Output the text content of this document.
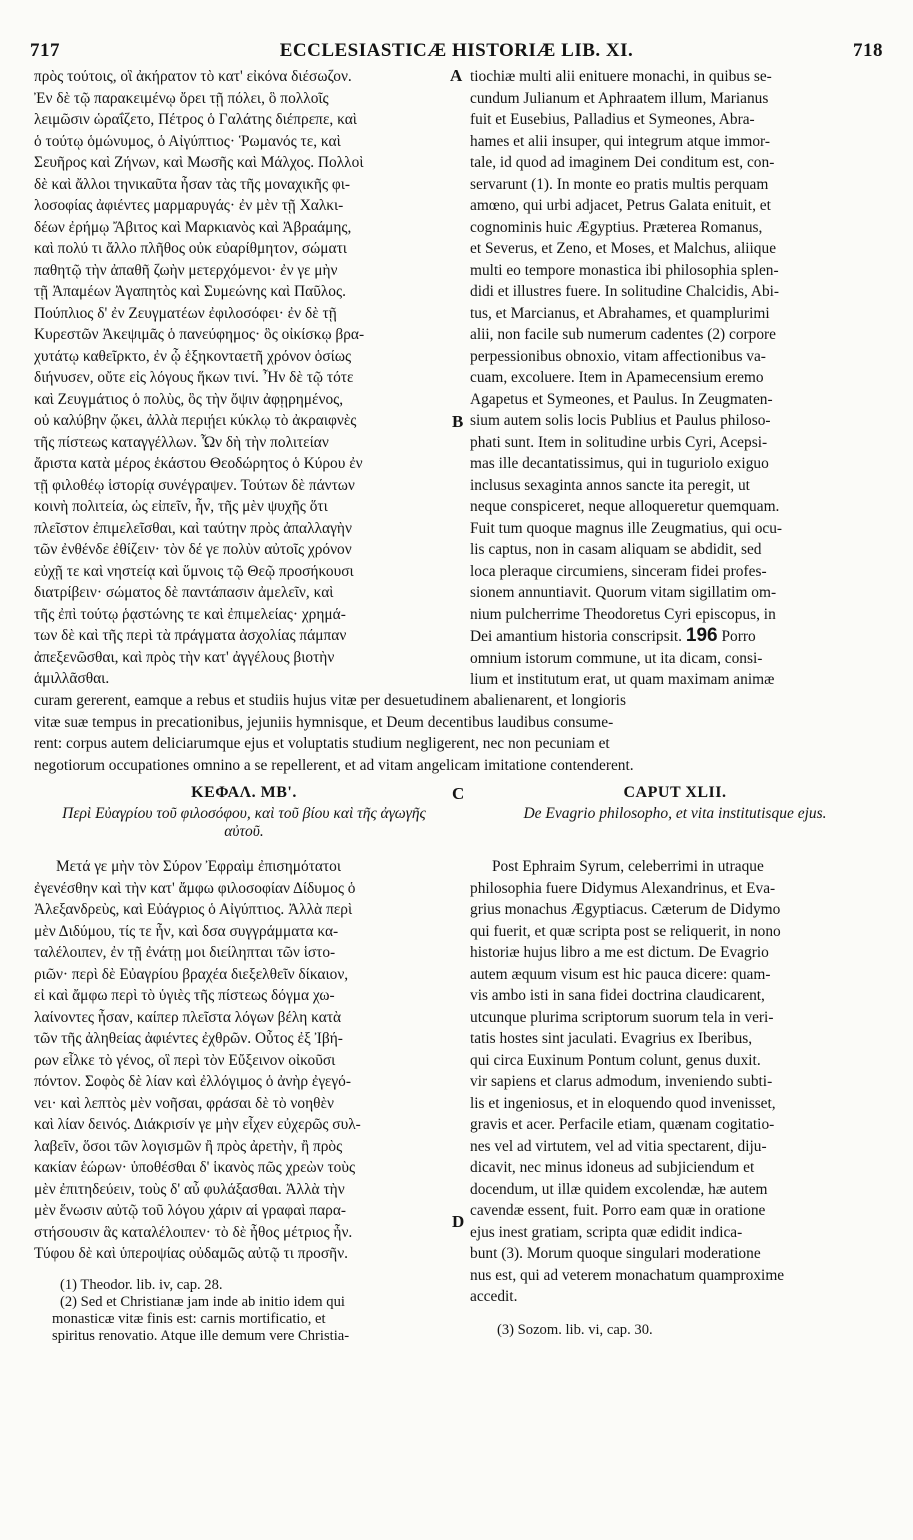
717	ECCLESIASTICÆ HISTORIÆ LIB. XI.	718

πρὸς τούτοις, οἳ ἀκήρατον τὸ κατ' εἰκόνα διέσωζον.

Ἐν δὲ τῷ παρακειμένῳ ὄρει τῇ πόλει, ὃ πολλοῖς

λειμῶσιν ὡραΐζετο, Πέτρος ὁ Γαλάτης διέπρεπε, καὶ

ὁ τούτῳ ὁμώνυμος, ὁ Αἰγύπτιος· Ῥωμανός τε, καὶ

Σευῆρος καὶ Ζήνων, καὶ Μωσῆς καὶ Μάλχος. Πολλοὶ

δὲ καὶ ἄλλοι τηνικαῦτα ἦσαν τὰς τῆς μοναχικῆς φι-

λοσοφίας ἀφιέντες μαρμαρυγάς· ἐν μὲν τῇ Χαλκι-

δέων ἐρήμῳ Ἄβιτος καὶ Μαρκιανὸς καὶ Ἀβραάμης,

καὶ πολύ τι ἄλλο πλῆθος οὐκ εὐαρίθμητον, σώματι

παθητῷ τὴν ἀπαθῆ ζωὴν μετερχόμενοι· ἐν γε μὴν

τῇ Ἀπαμέων Ἀγαπητὸς καὶ Συμεώνης καὶ Παῦλος.

Πούπλιος δ' ἐν Ζευγματέων ἐφιλοσόφει· ἐν δὲ τῇ

Κυρεστῶν Ἀκεψιμᾶς ὁ πανεύφημος· ὃς οἰκίσκῳ βρα-

χυτάτῳ καθεῖρκτο, ἐν ᾧ ἑξηκονταετῆ χρόνον ὁσίως

διήνυσεν, οὔτε εἰς λόγους ἥκων τινί. Ἦν δὲ τῷ τότε

καὶ Ζευγμάτιος ὁ πολὺς, ὃς τὴν ὄψιν ἀφῃρημένος,

οὐ καλύβην ᾤκει, ἀλλὰ περιῄει κύκλῳ τὸ ἀκραιφνὲς

τῆς πίστεως καταγγέλλων. Ὧν δὴ τὴν πολιτείαν

ἄριστα κατὰ μέρος ἑκάστου Θεοδώρητος ὁ Κύρου ἐν

τῇ φιλοθέῳ ἱστορίᾳ συνέγραψεν. Τούτων δὲ πάντων

κοινὴ πολιτεία, ὡς εἰπεῖν, ἦν, τῆς μὲν ψυχῆς ὅτι

πλεῖστον ἐπιμελεῖσθαι, καὶ ταύτην πρὸς ἀπαλλαγὴν

τῶν ἐνθένδε ἐθίζειν· τὸν δέ γε πολὺν αὐτοῖς χρόνον

εὐχῇ τε καὶ νηστείᾳ καὶ ὕμνοις τῷ Θεῷ προσήκουσι

διατρίβειν· σώματος δὲ παντάπασιν ἀμελεῖν, καὶ

τῆς ἐπὶ τούτῳ ῥᾳστώνης τε καὶ ἐπιμελείας· χρημά-

των δὲ καὶ τῆς περὶ τὰ πράγματα ἀσχολίας πάμπαν

ἀπεξενῶσθαι, καὶ πρὸς τὴν κατ' ἀγγέλους βιοτὴν

ἁμιλλᾶσθαι.

A
B

tiochiæ multi alii enituere monachi, in quibus se-

cundum Julianum et Aphraatem illum, Marianus

fuit et Eusebius, Palladius et Symeones, Abra-

hames et alii insuper, qui integrum atque immor-

tale, id quod ad imaginem Dei conditum est, con-

servarunt (1). In monte eo pratis multis perquam

amœno, qui urbi adjacet, Petrus Galata enituit, et

cognominis huic Ægyptius. Præterea Romanus,

et Severus, et Zeno, et Moses, et Malchus, aliique

multi eo tempore monastica ibi philosophia splen-

didi et illustres fuere. In solitudine Chalcidis, Abi-

tus, et Marcianus, et Abrahames, et quamplurimi

alii, non facile sub numerum cadentes (2) corpore

perpessionibus obnoxio, vitam affectionibus va-

cuam, excoluere. Item in Apamecensium eremo

Agapetus et Symeones, et Paulus. In Zeugmaten-

sium autem solis locis Publius et Paulus philoso-

phati sunt. Item in solitudine urbis Cyri, Acepsi-

mas ille decantatissimus, qui in tuguriolo exiguo

inclusus sexaginta annos sancte ita peregit, ut

neque conspiceret, neque alloqueretur quemquam.

Fuit tum quoque magnus ille Zeugmatius, qui ocu-

lis captus, non in casam aliquam se abdidit, sed

loca pleraque circumiens, sinceram fidei profes-

sionem annuntiavit. Quorum vitam sigillatim om-

nium pulcherrime Theodoretus Cyri episcopus, in

Dei amantium historia conscripsit. 196 Porro

omnium istorum commune, ut ita dicam, consi-

lium et institutum erat, ut quam maximam animæ

curam gererent, eamque a rebus et studiis hujus vitæ per desuetudinem abalienarent, et longioris

vitæ suæ tempus in precationibus, jejuniis hymnisque, et Deum decentibus laudibus consume-

rent: corpus autem deliciarumque ejus et voluptatis studium negligerent, nec non pecuniam et

negotiorum occupationes omnino a se repellerent, et ad vitam angelicam imitatione contenderent.

C
ΚΕΦΑΛ. ΜΒ'.
Περὶ Εὐαγρίου τοῦ φιλοσόφου, καὶ τοῦ βίου καὶ τῆς ἀγωγῆς αὐτοῦ.
CAPUT XLII.
De Evagrio philosopho, et vita institutisque ejus.

Μετά γε μὴν τὸν Σύρον Ἐφραὶμ ἐπισημότατοι

ἐγενέσθην καὶ τὴν κατ' ἄμφω φιλοσοφίαν Δίδυμος ὁ

Ἀλεξανδρεὺς, καὶ Εὐάγριος ὁ Αἰγύπτιος. Ἀλλὰ περὶ

μὲν Διδύμου, τίς τε ἦν, καὶ δσα συγγράμματα κα-

ταλέλοιπεν, ἐν τῇ ἐνάτῃ μοι διείληπται τῶν ἱστο-

ριῶν· περὶ δὲ Εὐαγρίου βραχέα διεξελθεῖν δίκαιον,

εἰ καὶ ἄμφω περὶ τὸ ὑγιὲς τῆς πίστεως δόγμα χω-

λαίνοντες ἦσαν, καίπερ πλεῖστα λόγων βέλη κατὰ

τῶν τῆς ἀληθείας ἀφιέντες ἐχθρῶν. Οὗτος ἐξ Ἰβή-

ρων εἷλκε τὸ γένος, οἳ περὶ τὸν Εὔξεινον οἰκοῦσι

πόντον. Σοφὸς δὲ λίαν καὶ ἐλλόγιμος ὁ ἀνὴρ ἐγεγό-

νει· καὶ λεπτὸς μὲν νοῆσαι, φράσαι δὲ τὸ νοηθὲν

καὶ λίαν δεινός. Διάκρισίν γε μὴν εἶχεν εὐχερῶς συλ-

λαβεῖν, ὅσοι τῶν λογισμῶν ἢ πρὸς ἀρετὴν, ἢ πρὸς

κακίαν ἑώρων· ὑποθέσθαι δ' ἱκανὸς πῶς χρεὼν τοὺς

μὲν ἐπιτηδεύειν, τοὺς δ' αὖ φυλάξασθαι. Ἀλλὰ τὴν

μὲν ἕνωσιν αὐτῷ τοῦ λόγου χάριν αἱ γραφαὶ παρα-

στήσουσιν ἃς καταλέλοιπεν· τὸ δὲ ἦθος μέτριος ἦν.

Τύφου δὲ καὶ ὑπεροψίας οὐδαμῶς αὐτῷ τι προσῆν.

D

Post Ephraim Syrum, celeberrimi in utraque

philosophia fuere Didymus Alexandrinus, et Eva-

grius monachus Ægyptiacus. Cæterum de Didymo

qui fuerit, et quæ scripta post se reliquerit, in nono

historiæ hujus libro a me est dictum. De Evagrio

autem æquum visum est hic pauca dicere: quam-

vis ambo isti in sana fidei doctrina claudicarent,

utcunque plurima scriptorum suorum tela in veri-

tatis hostes sint jaculati. Evagrius ex Iberibus,

qui circa Euxinum Pontum colunt, genus duxit.

vir sapiens et clarus admodum, inveniendo subti-

lis et ingeniosus, et in eloquendo quod invenisset,

gravis et acer. Perfacile etiam, quænam cogitatio-

nes vel ad virtutem, vel ad vitia spectarent, diju-

dicavit, nec minus idoneus ad subjiciendum et

docendum, ut illæ quidem excolendæ, hæ autem

cavendæ essent, fuit. Porro eam quæ in oratione

ejus inest gratiam, scripta quæ edidit indica-

bunt (3). Morum quoque singulari moderatione

nus est, qui ad veterem monachatum quamproxime

accedit.

(1) Theodor. lib. iv, cap. 28.
(2) Sed et Christianæ jam inde ab initio idem qui
monasticæ vitæ finis est: carnis mortificatio, et
spiritus renovatio. Atque ille demum vere Christia-	(3) Sozom. lib. vi, cap. 30.
